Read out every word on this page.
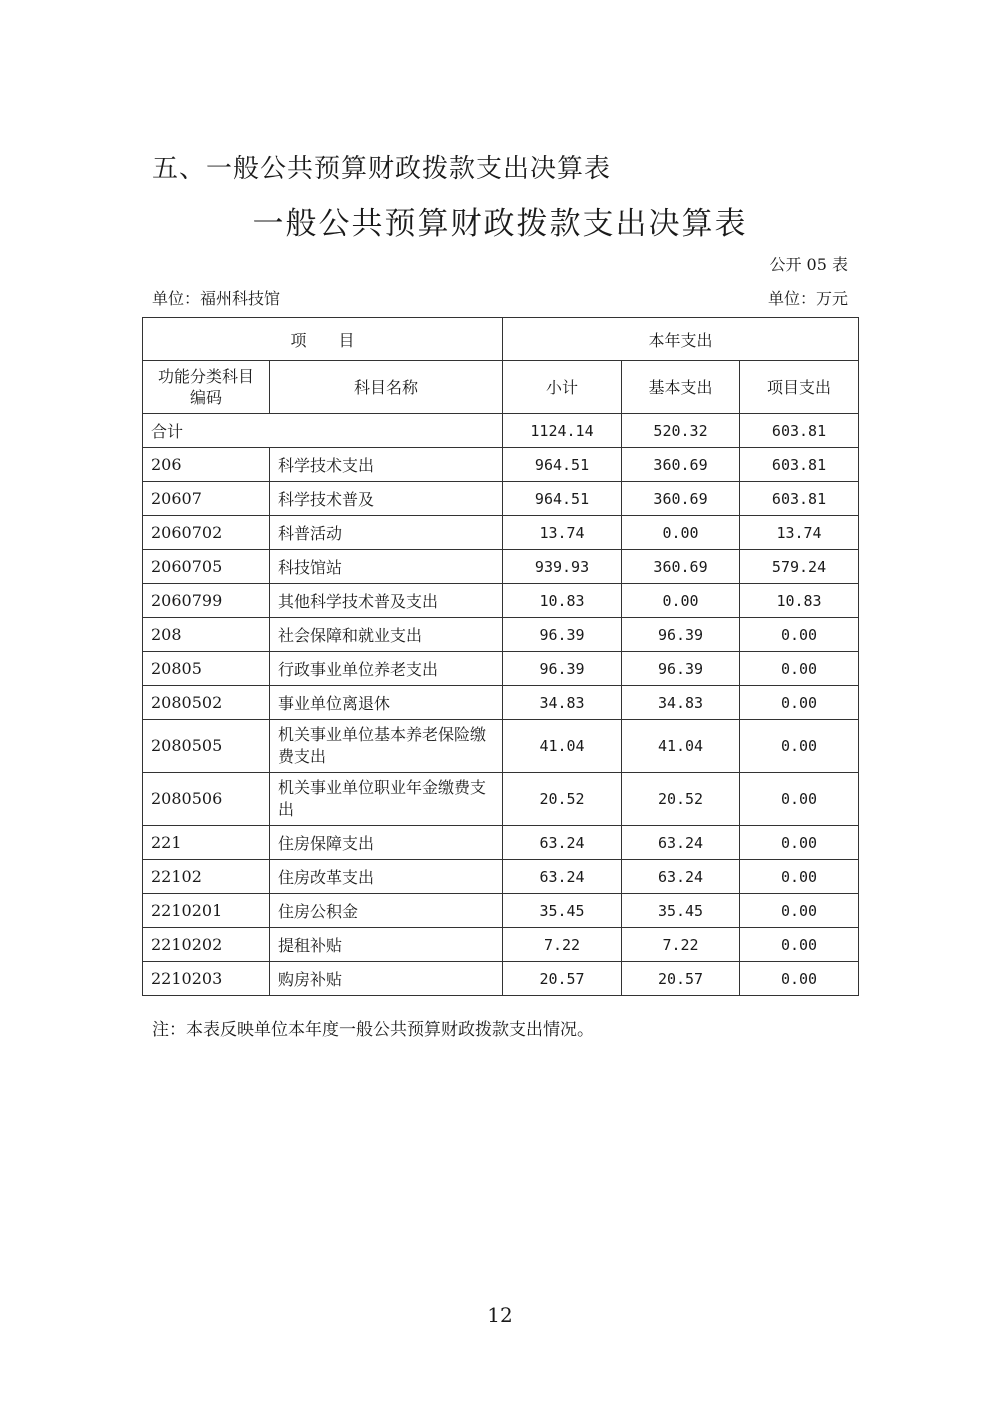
五、一般公共预算财政拨款支出决算表
一般公共预算财政拨款支出决算表
公开 05 表
单位：福州科技馆	单位：万元
项　　目		本年支出		
功能分类科目编码	科目名称	小计	基本支出	项目支出
合计		1124.14	520.32	603.81
206	科学技术支出	964.51	360.69	603.81
20607	科学技术普及	964.51	360.69	603.81
2060702	科普活动	13.74	0.00	13.74
2060705	科技馆站	939.93	360.69	579.24
2060799	其他科学技术普及支出	10.83	0.00	10.83
208	社会保障和就业支出	96.39	96.39	0.00
20805	行政事业单位养老支出	96.39	96.39	0.00
2080502	事业单位离退休	34.83	34.83	0.00
2080505	机关事业单位基本养老保险缴费支出	41.04	41.04	0.00
2080506	机关事业单位职业年金缴费支出	20.52	20.52	0.00
221	住房保障支出	63.24	63.24	0.00
22102	住房改革支出	63.24	63.24	0.00
2210201	住房公积金	35.45	35.45	0.00
2210202	提租补贴	7.22	7.22	0.00
2210203	购房补贴	20.57	20.57	0.00
注：本表反映单位本年度一般公共预算财政拨款支出情况。
12
